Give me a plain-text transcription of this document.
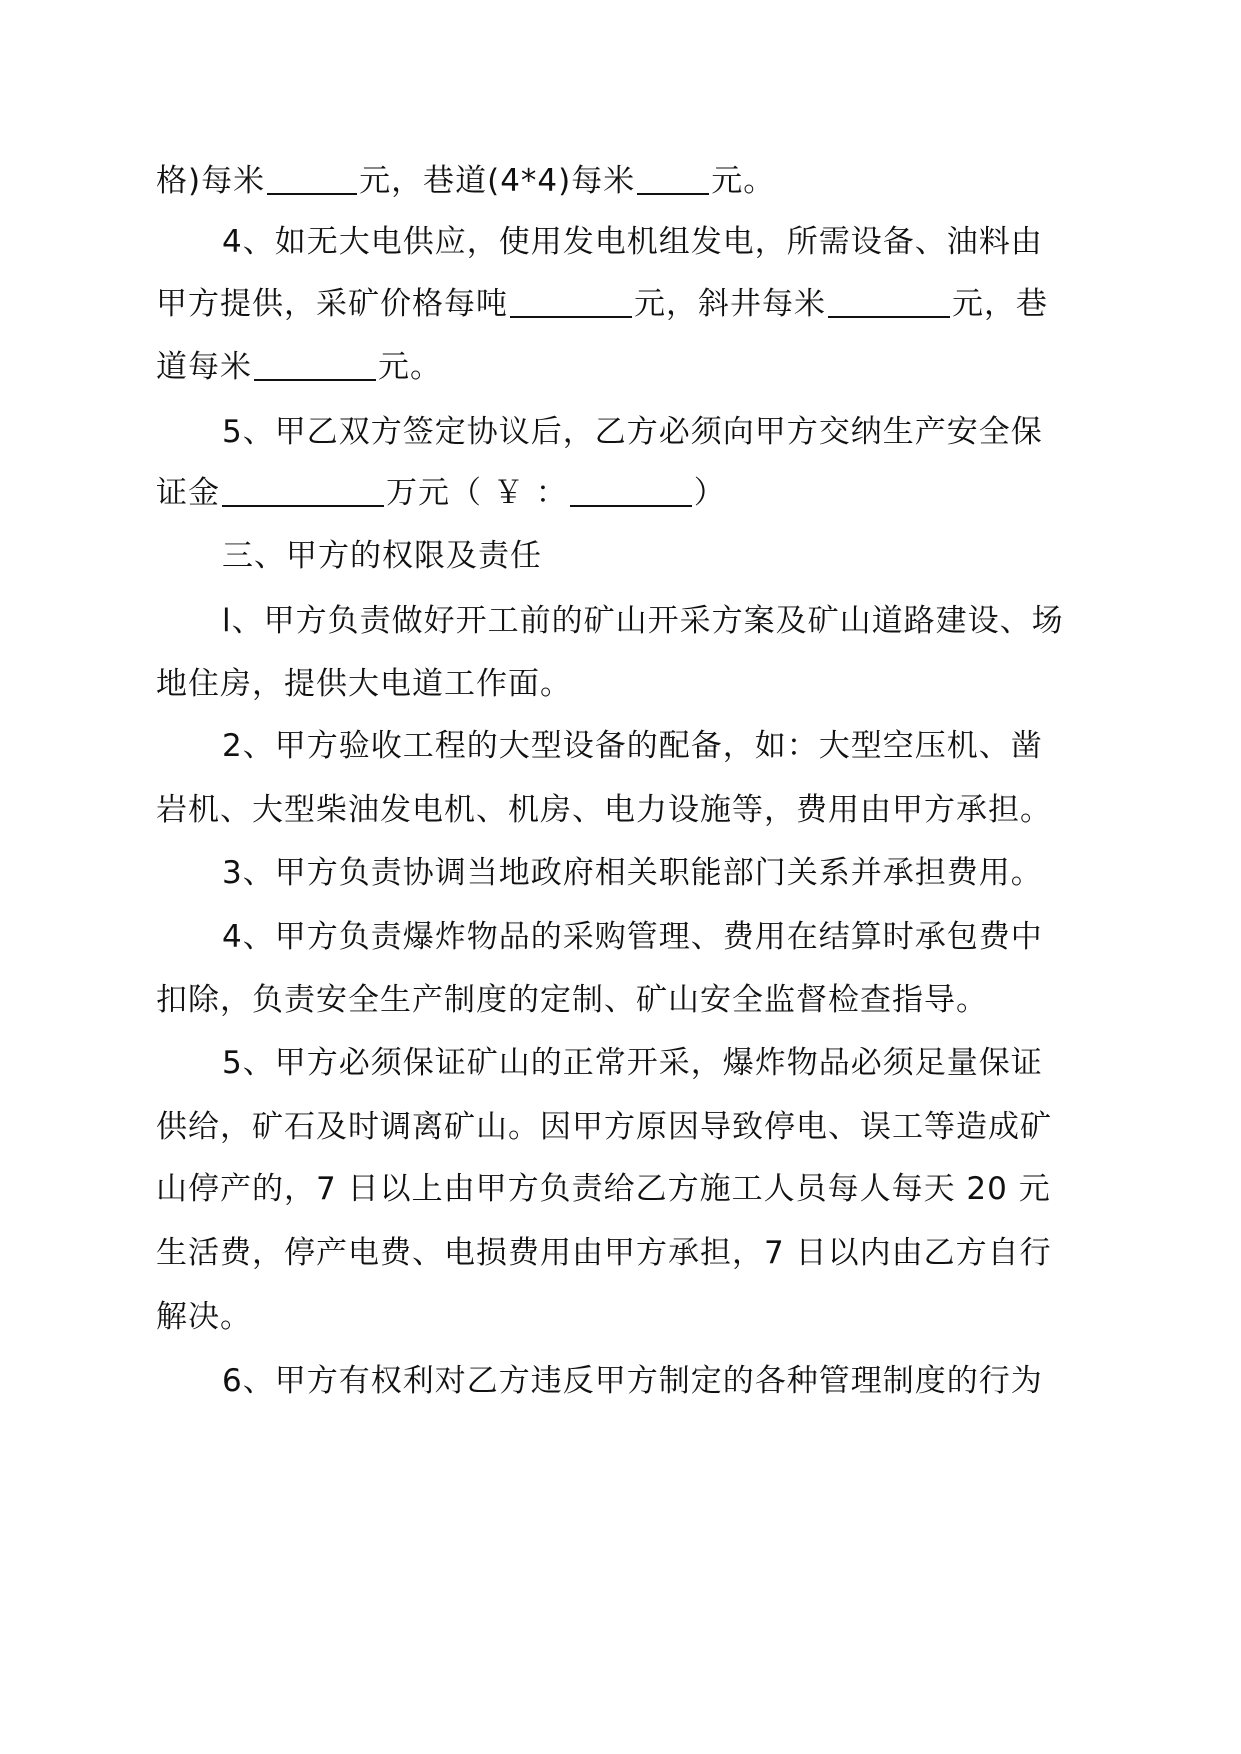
格)每米	元，巷道(4*4)每米 元。
4、如无大电供应，使用发电机组发电，所需设备、油料由
甲方提供，采矿价格每吨	元，斜井每米	元，巷
道每米	元。
5、甲乙双方签定协议后，乙方必须向甲方交纳生产安全保
证金	万元（ ￥ ：	）
三、甲方的权限及责任
l、甲方负责做好开工前的矿山开采方案及矿山道路建设、场
地住房，提供大电道工作面。
2、甲方验收工程的大型设备的配备，如：大型空压机、凿
岩机、大型柴油发电机、机房、电力设施等，费用由甲方承担。
3、甲方负责协调当地政府相关职能部门关系并承担费用。
4、甲方负责爆炸物品的采购管理、费用在结算时承包费中
扣除，负责安全生产制度的定制、矿山安全监督检查指导。
5、甲方必须保证矿山的正常开采，爆炸物品必须足量保证
供给，矿石及时调离矿山。因甲方原因导致停电、误工等造成矿
山停产的，7 日以上由甲方负责给乙方施工人员每人每天 20 元
生活费，停产电费、电损费用由甲方承担，7 日以内由乙方自行
解决。
6、甲方有权利对乙方违反甲方制定的各种管理制度的行为
